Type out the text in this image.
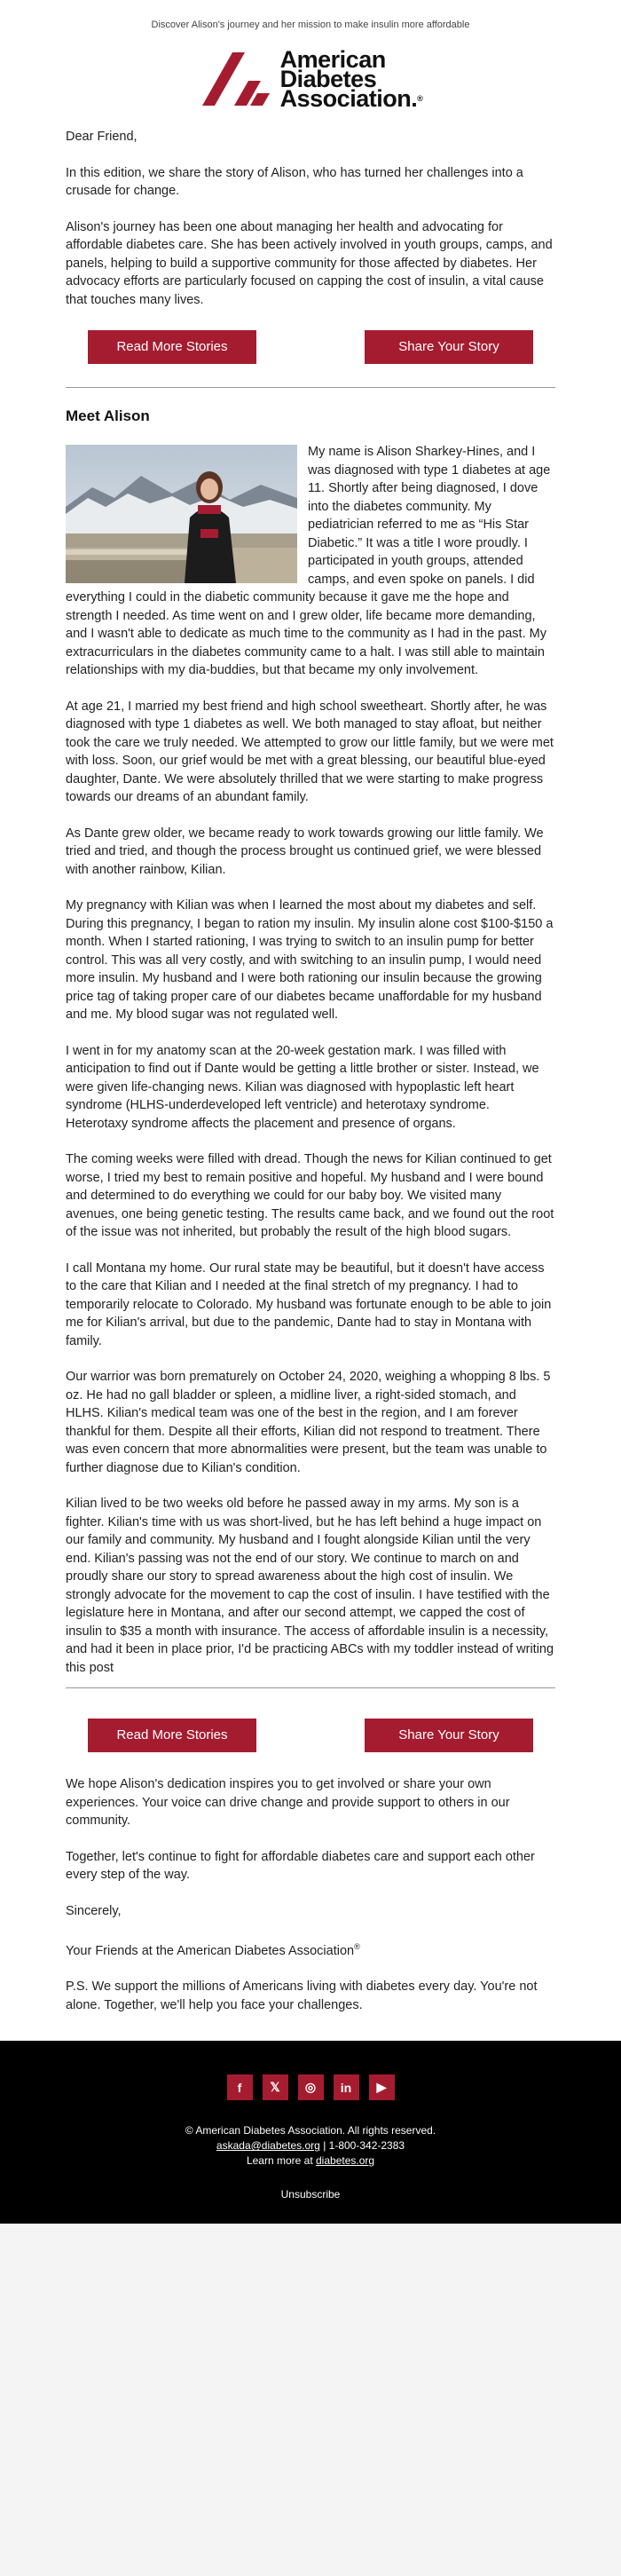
Discover Alison's journey and her mission to make insulin more affordable
American
Diabetes
Association.®

Dear Friend,

In this edition, we share the story of Alison, who has turned her challenges into a crusade for change.

Alison's journey has been one about managing her health and advocating for affordable diabetes care. She has been actively involved in youth groups, camps, and panels, helping to build a supportive community for those affected by diabetes. Her advocacy efforts are particularly focused on capping the cost of insulin, a vital cause that touches many lives.

Read More Stories	Share Your Story
Meet Alison

My name is Alison Sharkey-Hines, and I was diagnosed with type 1 diabetes at age 11. Shortly after being diagnosed, I dove into the diabetes community. My pediatrician referred to me as “His Star Diabetic.” It was a title I wore proudly. I participated in youth groups, attended camps, and even spoke on panels. I did everything I could in the diabetic community because it gave me the hope and strength I needed. As time went on and I grew older, life became more demanding, and I wasn't able to dedicate as much time to the community as I had in the past. My extracurriculars in the diabetes community came to a halt. I was still able to maintain relationships with my dia-buddies, but that became my only involvement.

At age 21, I married my best friend and high school sweetheart. Shortly after, he was diagnosed with type 1 diabetes as well. We both managed to stay afloat, but neither took the care we truly needed. We attempted to grow our little family, but we were met with loss. Soon, our grief would be met with a great blessing, our beautiful blue-eyed daughter, Dante. We were absolutely thrilled that we were starting to make progress towards our dreams of an abundant family.

As Dante grew older, we became ready to work towards growing our little family. We tried and tried, and though the process brought us continued grief, we were blessed with another rainbow, Kilian.

My pregnancy with Kilian was when I learned the most about my diabetes and self. During this pregnancy, I began to ration my insulin. My insulin alone cost $100-$150 a month. When I started rationing, I was trying to switch to an insulin pump for better control. This was all very costly, and with switching to an insulin pump, I would need more insulin. My husband and I were both rationing our insulin because the growing price tag of taking proper care of our diabetes became unaffordable for my husband and me. My blood sugar was not regulated well.

I went in for my anatomy scan at the 20-week gestation mark. I was filled with anticipation to find out if Dante would be getting a little brother or sister. Instead, we were given life-changing news. Kilian was diagnosed with hypoplastic left heart syndrome (HLHS-underdeveloped left ventricle) and heterotaxy syndrome. Heterotaxy syndrome affects the placement and presence of organs.

The coming weeks were filled with dread. Though the news for Kilian continued to get worse, I tried my best to remain positive and hopeful. My husband and I were bound and determined to do everything we could for our baby boy. We visited many avenues, one being genetic testing. The results came back, and we found out the root of the issue was not inherited, but probably the result of the high blood sugars.

I call Montana my home. Our rural state may be beautiful, but it doesn't have access to the care that Kilian and I needed at the final stretch of my pregnancy. I had to temporarily relocate to Colorado. My husband was fortunate enough to be able to join me for Kilian's arrival, but due to the pandemic, Dante had to stay in Montana with family.

Our warrior was born prematurely on October 24, 2020, weighing a whopping 8 lbs. 5 oz. He had no gall bladder or spleen, a midline liver, a right-sided stomach, and HLHS. Kilian's medical team was one of the best in the region, and I am forever thankful for them. Despite all their efforts, Kilian did not respond to treatment. There was even concern that more abnormalities were present, but the team was unable to further diagnose due to Kilian's condition.

Kilian lived to be two weeks old before he passed away in my arms. My son is a fighter. Kilian's time with us was short-lived, but he has left behind a huge impact on our family and community. My husband and I fought alongside Kilian until the very end. Kilian's passing was not the end of our story. We continue to march on and proudly share our story to spread awareness about the high cost of insulin. We strongly advocate for the movement to cap the cost of insulin. I have testified with the legislature here in Montana, and after our second attempt, we capped the cost of insulin to $35 a month with insurance. The access of affordable insulin is a necessity, and had it been in place prior, I'd be practicing ABCs with my toddler instead of writing this post

Read More Stories	Share Your Story

We hope Alison's dedication inspires you to get involved or share your own experiences. Your voice can drive change and provide support to others in our community.

Together, let's continue to fight for affordable diabetes care and support each other every step of the way.

Sincerely,

Your Friends at the American Diabetes Association®

P.S. We support the millions of Americans living with diabetes every day. You're not alone. Together, we'll help you face your challenges.

f	𝕏	◎	in	▶
© American Diabetes Association. All rights reserved.
askada@diabetes.org | 1-800-342-2383
Learn more at diabetes.org
Unsubscribe
